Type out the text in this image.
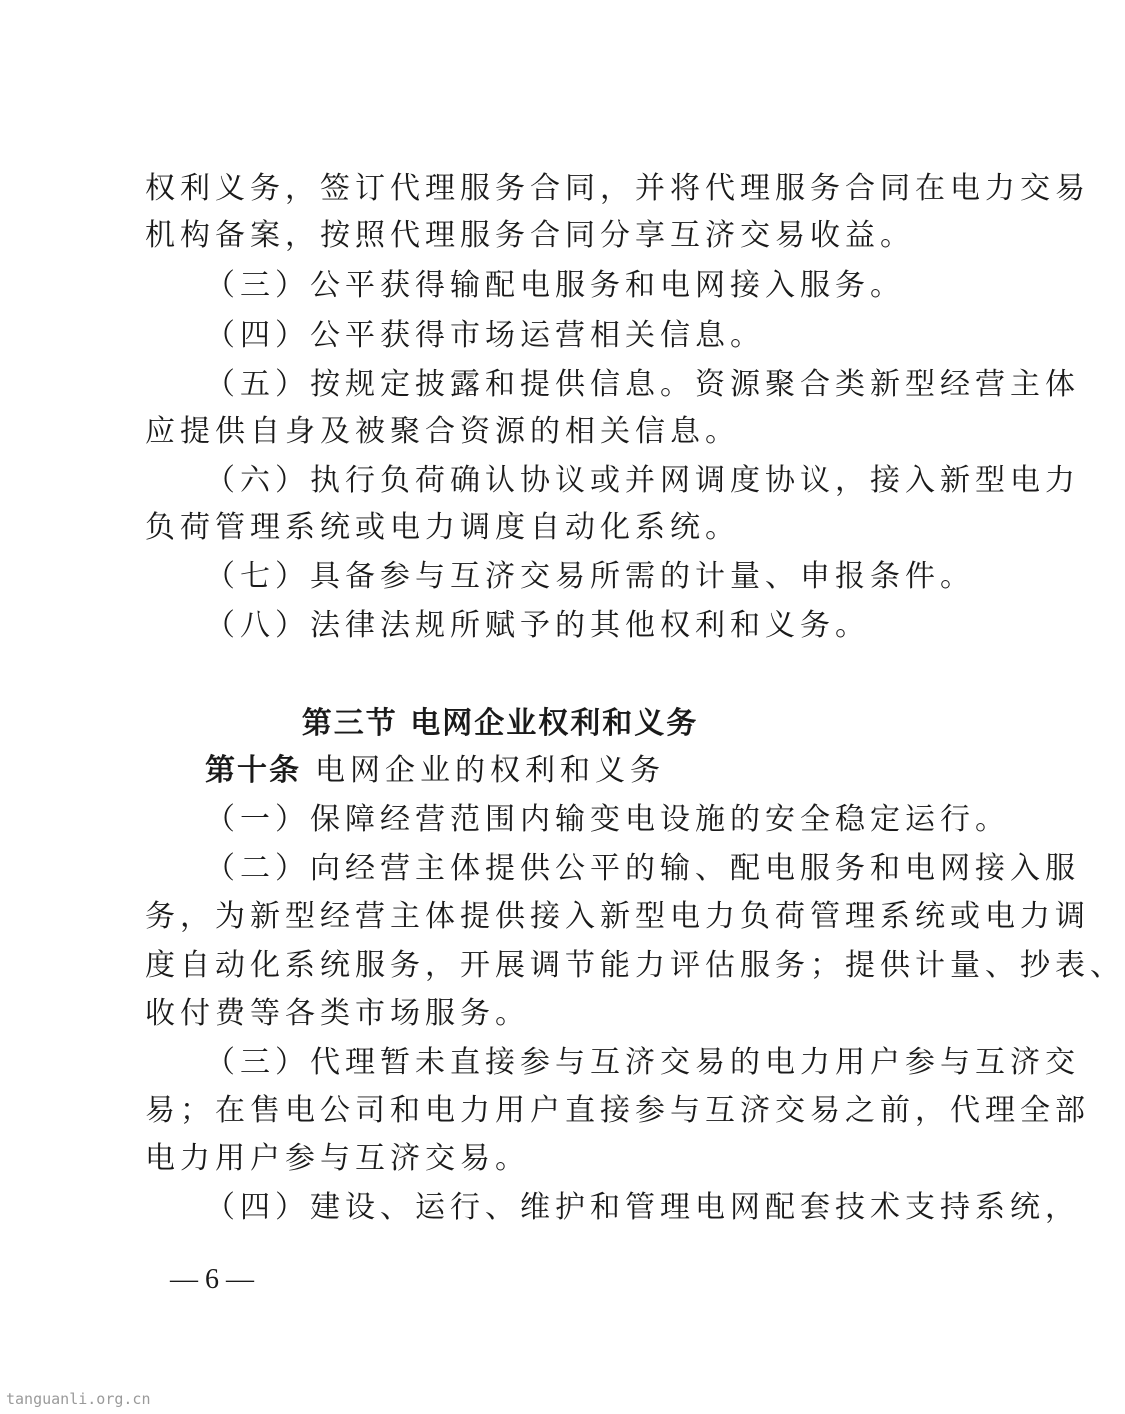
权利义务，签订代理服务合同，并将代理服务合同在电力交易
机构备案，按照代理服务合同分享互济交易收益。
（三）公平获得输配电服务和电网接入服务。
（四）公平获得市场运营相关信息。
（五）按规定披露和提供信息。资源聚合类新型经营主体
应提供自身及被聚合资源的相关信息。
（六）执行负荷确认协议或并网调度协议，接入新型电力
负荷管理系统或电力调度自动化系统。
（七）具备参与互济交易所需的计量、申报条件。
（八）法律法规所赋予的其他权利和义务。
第三节 电网企业权利和义务
第十条 电网企业的权利和义务
（一）保障经营范围内输变电设施的安全稳定运行。
（二）向经营主体提供公平的输、配电服务和电网接入服
务，为新型经营主体提供接入新型电力负荷管理系统或电力调
度自动化系统服务，开展调节能力评估服务；提供计量、抄表、
收付费等各类市场服务。
（三）代理暂未直接参与互济交易的电力用户参与互济交
易；在售电公司和电力用户直接参与互济交易之前，代理全部
电力用户参与互济交易。
（四）建设、运行、维护和管理电网配套技术支持系统，
— 6 —
tanguanli.org.cn
